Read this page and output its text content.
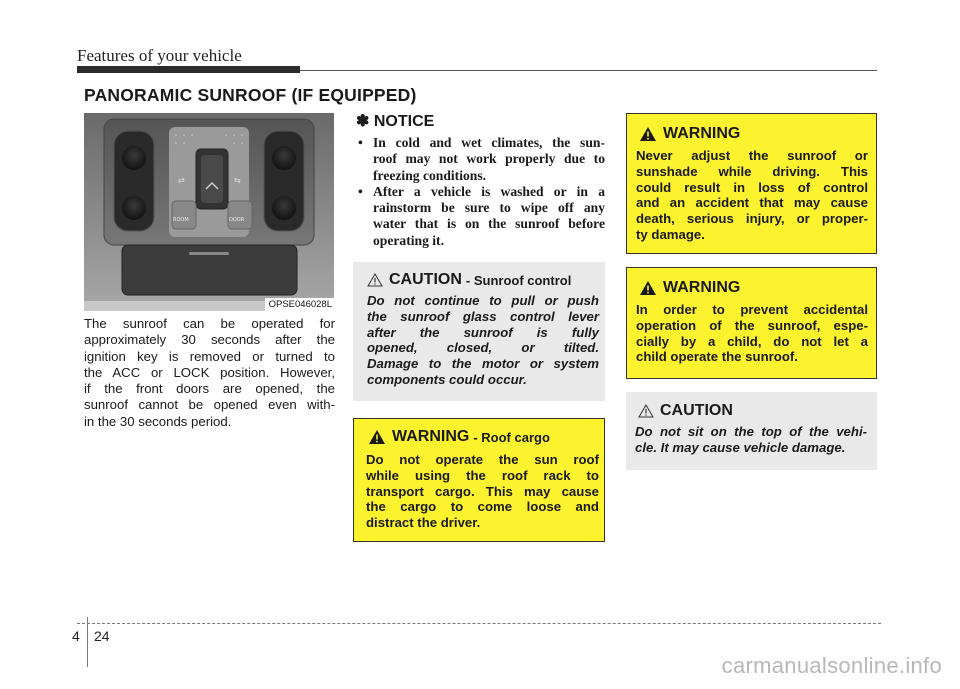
Features of your vehicle
PANORAMIC SUNROOF (IF EQUIPPED)
⇄	⇆
ROOM	DOOR
OPSE046028L
The sunroof can be operated for
approximately 30 seconds after the
ignition key is removed or turned to
the ACC or LOCK position. However,
if the front doors are opened, the
sunroof cannot be opened even with-
in the 30 seconds period.
✽ NOTICE
• In cold and wet climates, the sun-
roof may not work properly due to
freezing conditions.
• After a vehicle is washed or in a
rainstorm be sure to wipe off any
water that is on the sunroof before
operating it.
CAUTION - Sunroof control
Do not continue to pull or push
the sunroof glass control lever
after the sunroof is fully
opened, closed, or tilted.
Damage to the motor or system
components could occur.
WARNING - Roof cargo
Do not operate the sun roof
while using the roof rack to
transport cargo. This may cause
the cargo to come loose and
distract the driver.
WARNING
Never adjust the sunroof or
sunshade while driving. This
could result in loss of control
and an accident that may cause
death, serious injury, or proper-
ty damage.
WARNING
In order to prevent accidental
operation of the sunroof, espe-
cially by a child, do not let a
child operate the sunroof.
CAUTION
Do not sit on the top of the vehi-
cle. It may cause vehicle damage.
4 24
carmanualsonline.info
